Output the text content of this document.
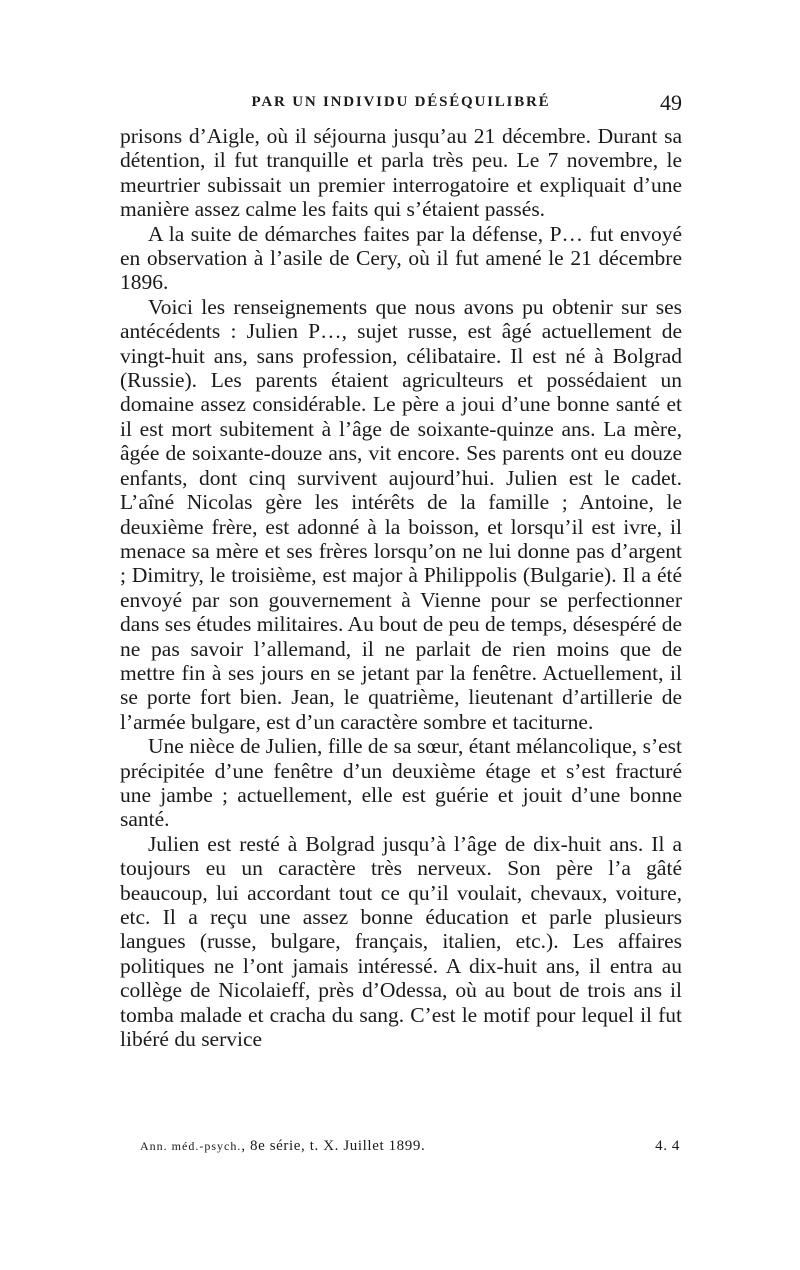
PAR UN INDIVIDU DÉSÉQUILIBRÉ	49

prisons d’Aigle, où il séjourna jusqu’au 21 décembre. Durant sa détention, il fut tranquille et parla très peu. Le 7 novembre, le meurtrier subissait un premier interrogatoire et expliquait d’une manière assez calme les faits qui s’étaient passés.

A la suite de démarches faites par la défense, P… fut envoyé en observation à l’asile de Cery, où il fut amené le 21 décembre 1896.

Voici les renseignements que nous avons pu obtenir sur ses antécédents : Julien P…, sujet russe, est âgé actuellement de vingt-huit ans, sans profession, célibataire. Il est né à Bolgrad (Russie). Les parents étaient agriculteurs et possédaient un domaine assez considérable. Le père a joui d’une bonne santé et il est mort subitement à l’âge de soixante-quinze ans. La mère, âgée de soixante-douze ans, vit encore. Ses parents ont eu douze enfants, dont cinq survivent aujourd’hui. Julien est le cadet. L’aîné Nicolas gère les intérêts de la famille ; Antoine, le deuxième frère, est adonné à la boisson, et lorsqu’il est ivre, il menace sa mère et ses frères lorsqu’on ne lui donne pas d’argent ; Dimitry, le troisième, est major à Philippolis (Bulgarie). Il a été envoyé par son gouvernement à Vienne pour se perfectionner dans ses études militaires. Au bout de peu de temps, désespéré de ne pas savoir l’allemand, il ne parlait de rien moins que de mettre fin à ses jours en se jetant par la fenêtre. Actuellement, il se porte fort bien. Jean, le quatrième, lieutenant d’artillerie de l’armée bulgare, est d’un caractère sombre et taciturne.

Une nièce de Julien, fille de sa sœur, étant mélancolique, s’est précipitée d’une fenêtre d’un deuxième étage et s’est fracturé une jambe ; actuellement, elle est guérie et jouit d’une bonne santé.

Julien est resté à Bolgrad jusqu’à l’âge de dix-huit ans. Il a toujours eu un caractère très nerveux. Son père l’a gâté beaucoup, lui accordant tout ce qu’il voulait, chevaux, voiture, etc. Il a reçu une assez bonne éducation et parle plusieurs langues (russe, bulgare, français, italien, etc.). Les affaires politiques ne l’ont jamais intéressé. A dix-huit ans, il entra au collège de Nicolaieff, près d’Odessa, où au bout de trois ans il tomba malade et cracha du sang. C’est le motif pour lequel il fut libéré du service

Ann. méd.-psych., 8e série, t. X. Juillet 1899.	4. 4
